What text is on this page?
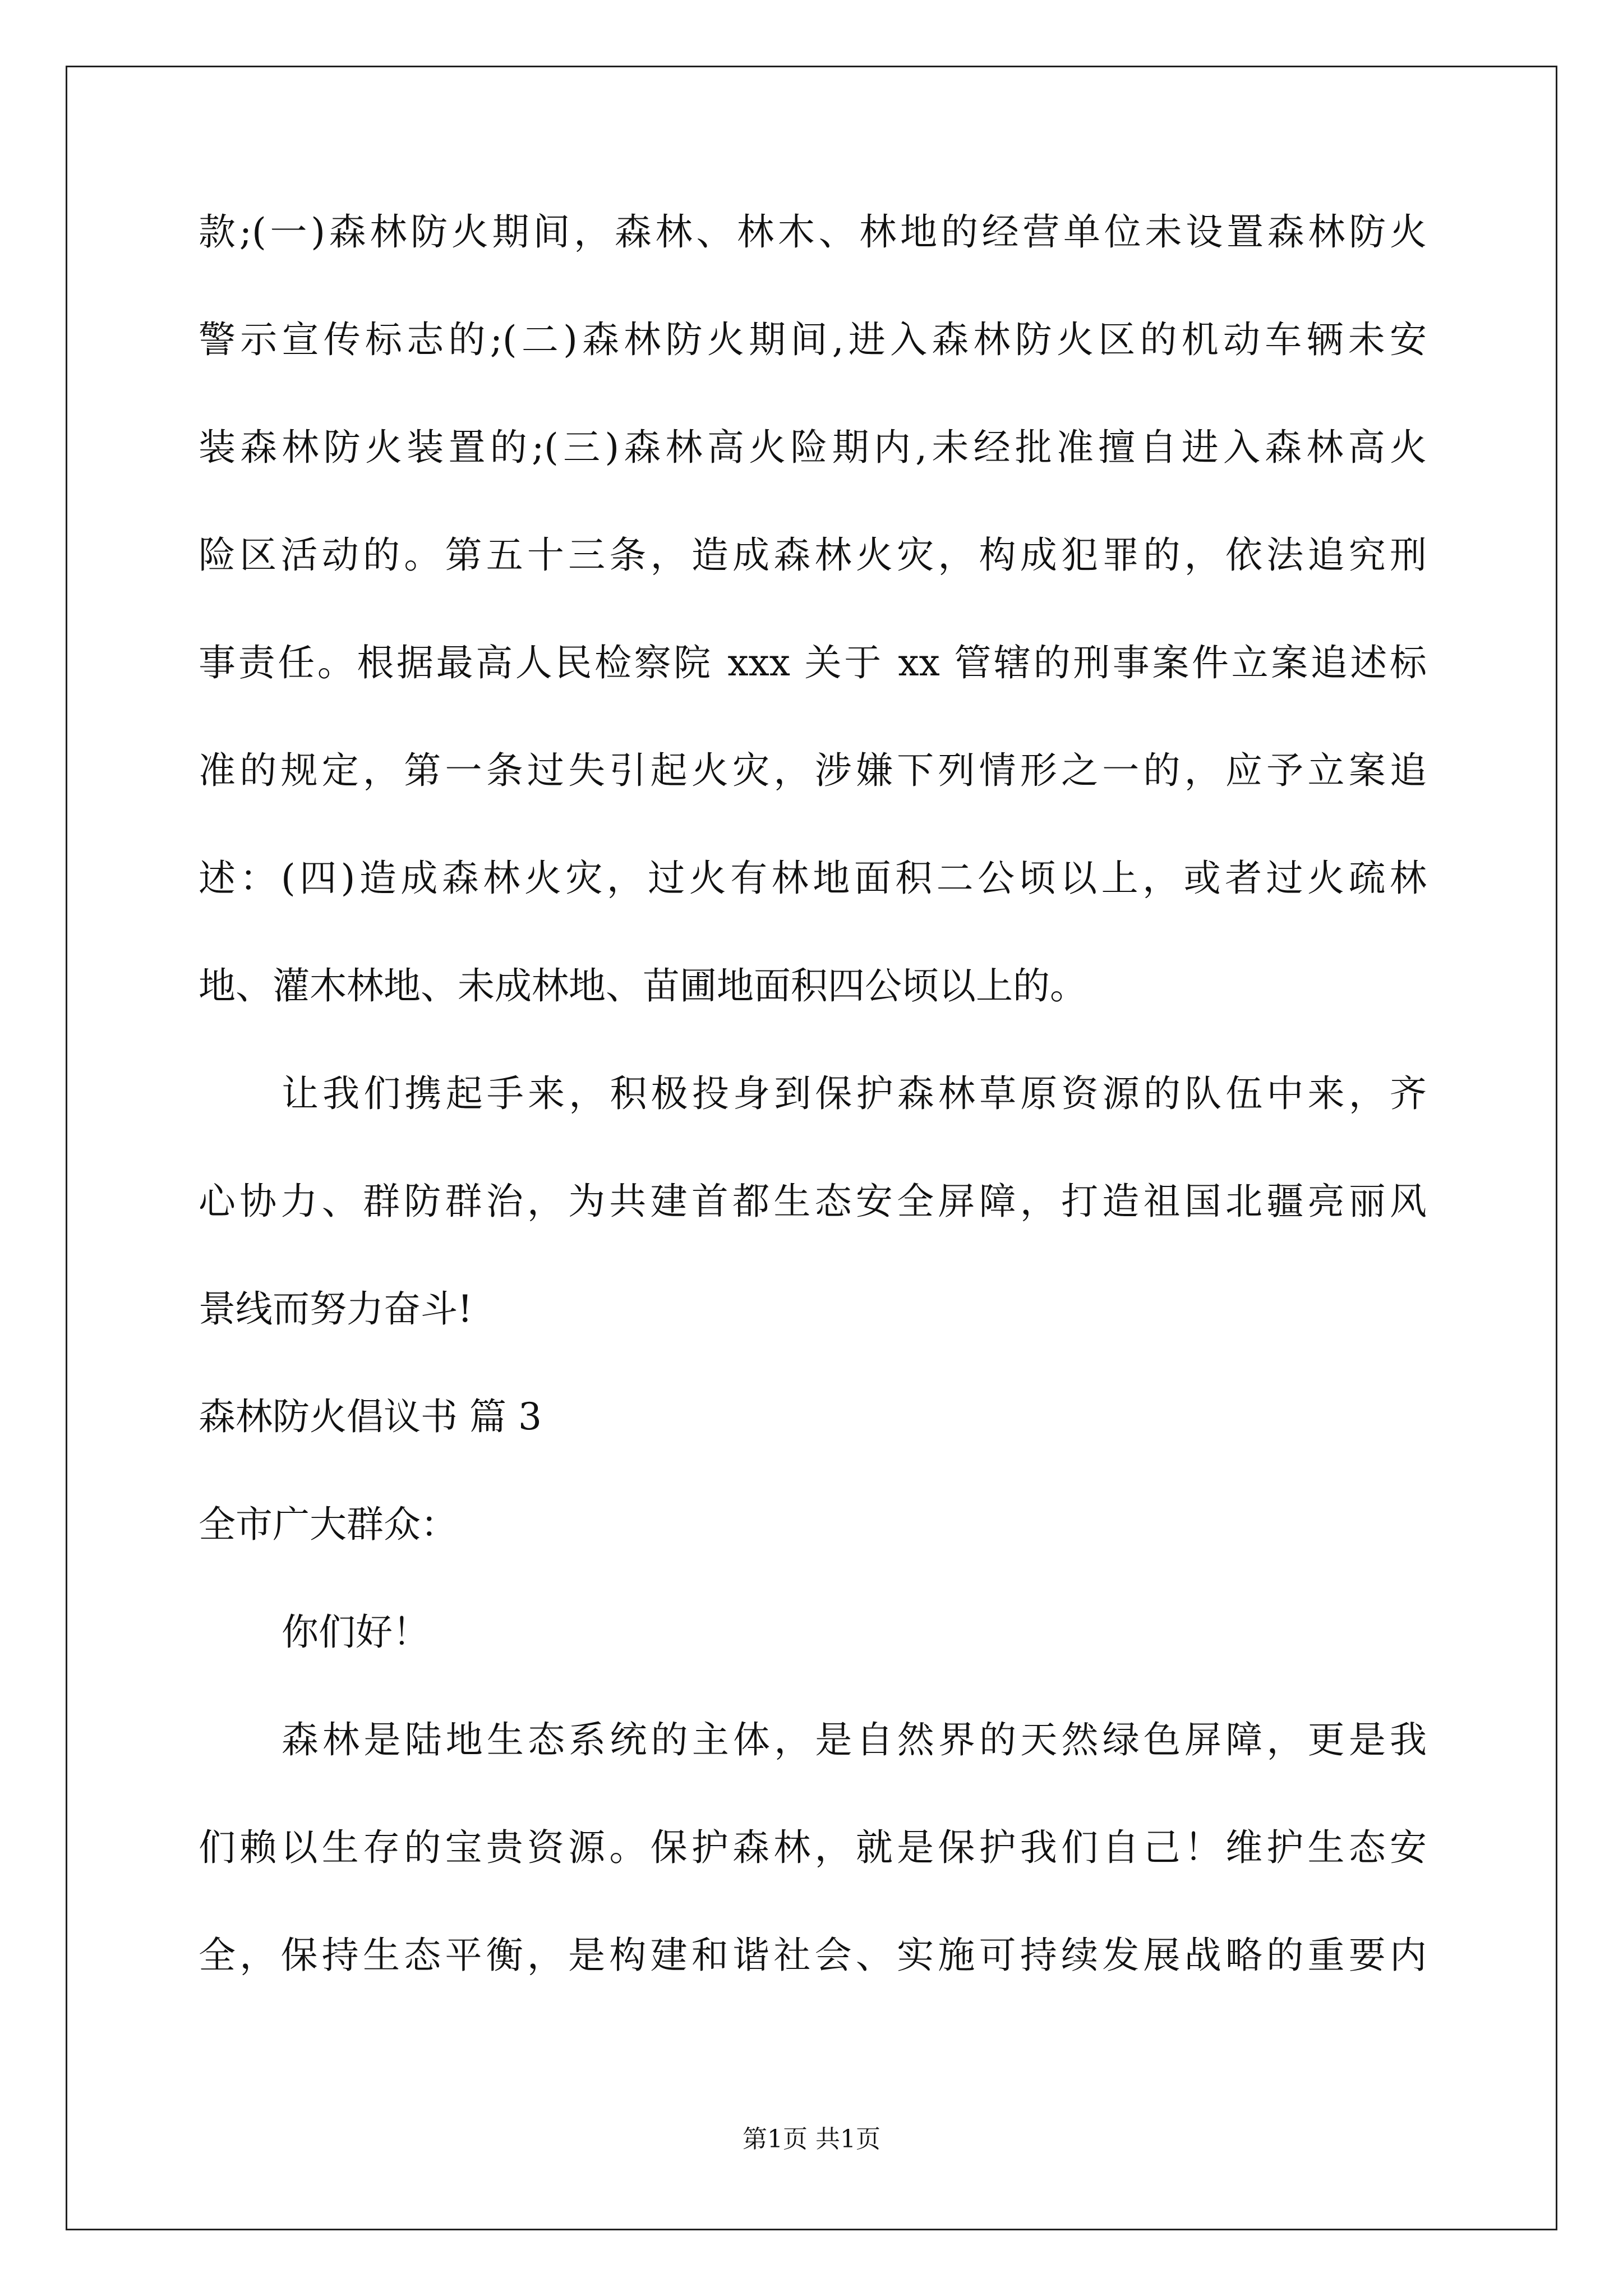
款;(一)森林防火期间，森林、林木、林地的经营单位未设置森林防火
警示宣传标志的;(二)森林防火期间,进入森林防火区的机动车辆未安
装森林防火装置的;(三)森林高火险期内,未经批准擅自进入森林高火
险区活动的。第五十三条，造成森林火灾，构成犯罪的，依法追究刑
事责任。根据最高人民检察院 xxx 关于 xx 管辖的刑事案件立案追述标
准的规定，第一条过失引起火灾，涉嫌下列情形之一的，应予立案追
述：(四)造成森林火灾，过火有林地面积二公顷以上，或者过火疏林
地、灌木林地、未成林地、苗圃地面积四公顷以上的。
让我们携起手来，积极投身到保护森林草原资源的队伍中来，齐
心协力、群防群治，为共建首都生态安全屏障，打造祖国北疆亮丽风
景线而努力奋斗!
森林防火倡议书 篇 3
全市广大群众：
你们好！
森林是陆地生态系统的主体，是自然界的天然绿色屏障，更是我
们赖以生存的宝贵资源。保护森林，就是保护我们自己！维护生态安
全，保持生态平衡，是构建和谐社会、实施可持续发展战略的重要内
第1页 共1页
